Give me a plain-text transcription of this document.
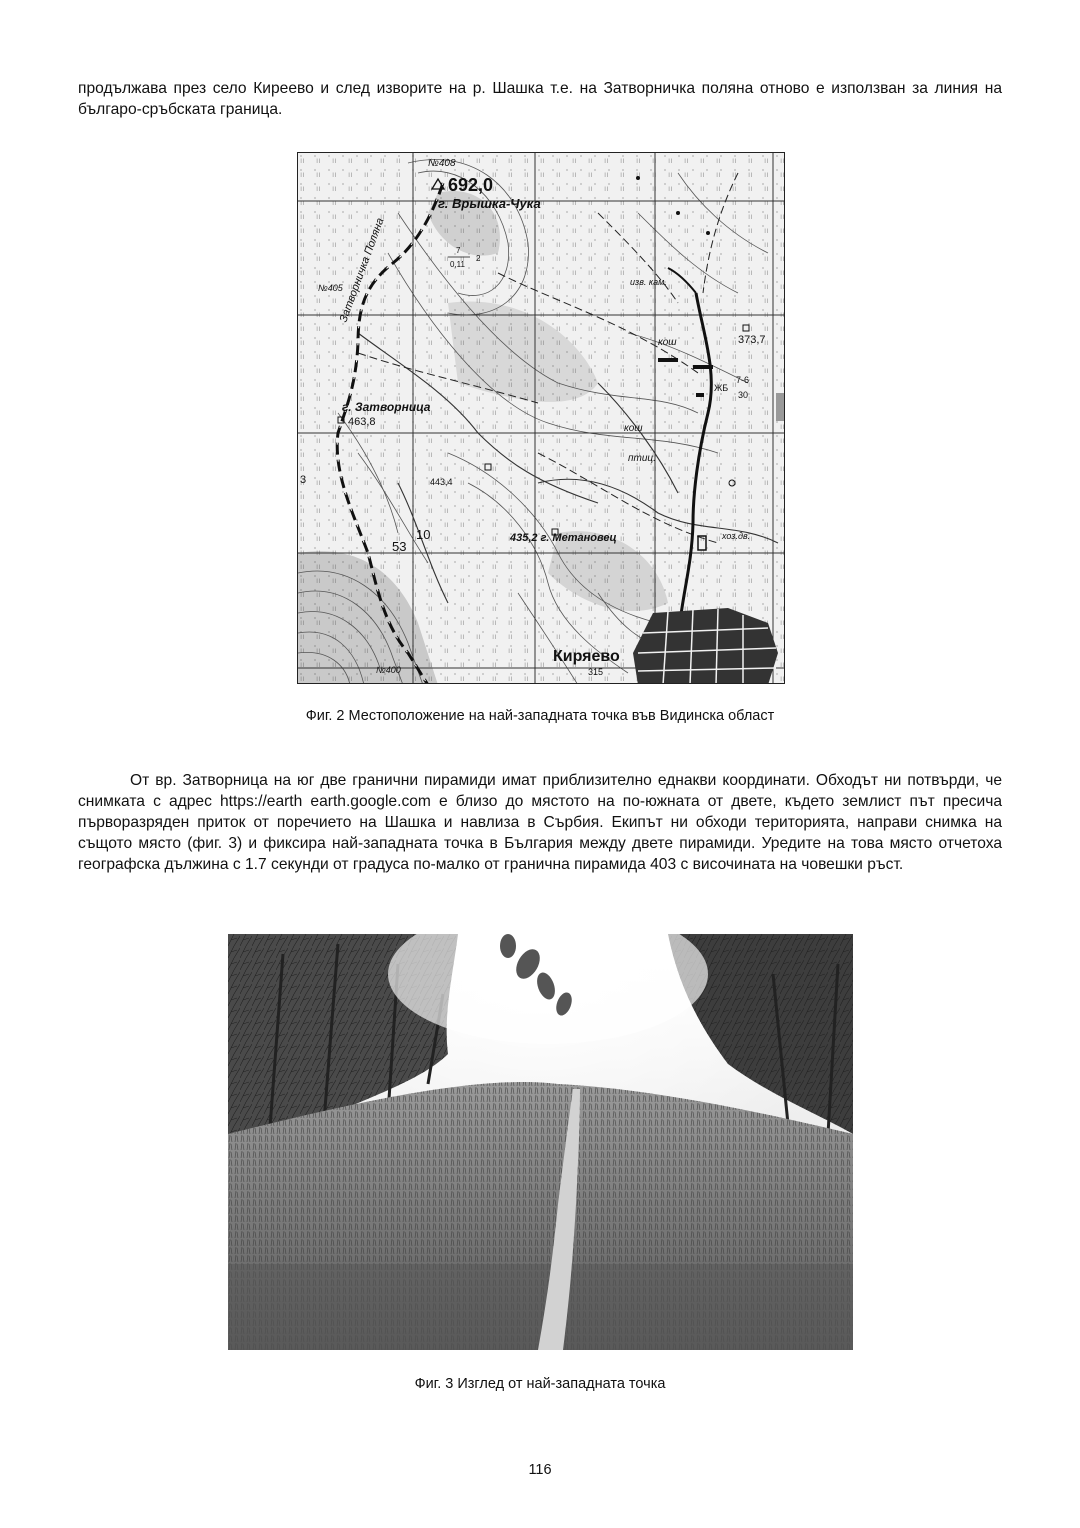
продължава през село Киреево и след изворите на р. Шашка т.е. на Затворничка поляна отново е използван за линия на българо-сръбската граница.

№408
692,0
г. Врышка-Чука
№405
№400
Затворничка Поляна
г. Затворница
463,8
443,4
373,7
435,2 г. Метановец
Киряево
315
кош
кош
птиц.
хоз.дв.
изв. кам.
ЖБ
7-6
30
10
53
3
7
0,11
2

Фиг. 2 Местоположение на най-западната точка във Видинска област

От вр. Затворница на юг две гранични пирамиди имат приблизително еднакви координати. Обходът ни потвърди, че снимката с адрес https://earth earth.google.com е близо до мястото на по-южната от двете, където землист път пресича първоразряден приток от поречието на Шашка и навлиза в Сърбия. Екипът ни обходи територията, направи снимка на същото място (фиг. 3) и фиксира най-западната точка в България между двете пирамиди. Уредите на това място отчетоха географска дължина с 1.7 секунди от градуса по-малко от гранична пирамида 403 с височината на човешки ръст.

Фиг. 3 Изглед от най-западната точка

116
